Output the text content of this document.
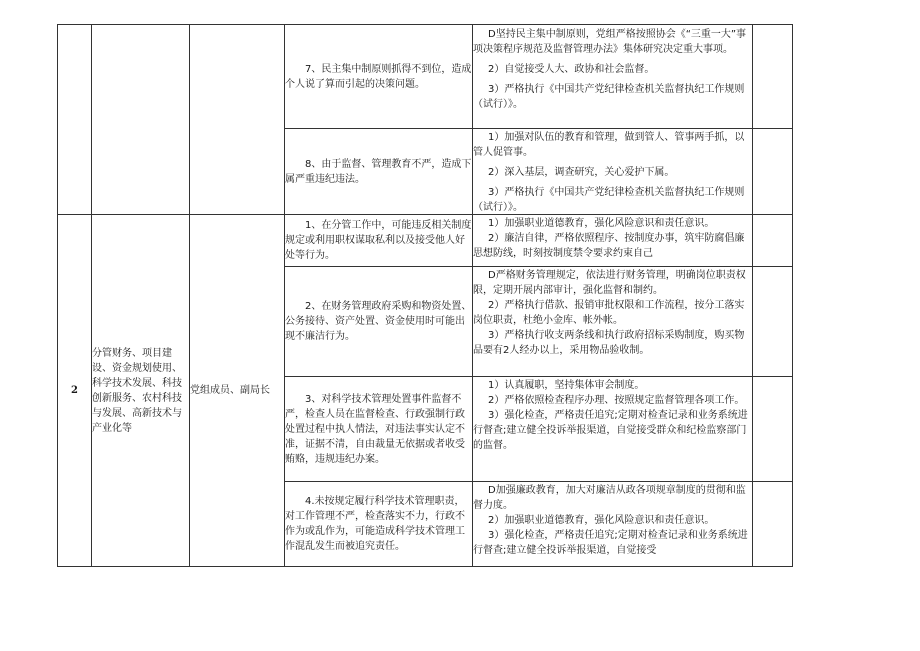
			7、民主集中制原则抓得不到位，造成个人说了算而引起的决策问题。	D坚持民主集中制原则，党组严格按照协会《“三重一大”事项决策程序规范及监督管理办法》集体研究决定重大事项。

2）自觉接受人大、政协和社会监督。

3）严格执行《中国共产党纪律检查机关监督执纪工作规则（试行）》。	

			8、由于监督、管理教育不严，造成下属严重违纪违法。	1）加强对队伍的教育和管理，做到管人、管事两手抓，以管人促管事。

2）深入基层，调查研究，关心爱护下属。

3）严格执行《中国共产党纪律检查机关监督执纪工作规则（试行）》。	

2	分管财务、项目建设、资金规划使用、科学技术发展、科技创新服务、农村科技与发展、高新技术与产业化等	党组成员、副局长	1、在分管工作中，可能违反相关制度规定或利用职权谋取私利以及接受他人好处等行为。	1）加强职业道德教育，强化风险意识和责任意识。

2）廉洁自律，严格依照程序、按制度办事，筑牢防腐倡廉思想防线，时刻按制度禁令要求约束自己	

			2、在财务管理政府采购和物资处置、公务接待、资产处置、资金使用时可能出现不廉洁行为。	D严格财务管理规定，依法进行财务管理，明确岗位职责权限，定期开展内部审计，强化监督和制约。

2）严格执行借款、报销审批权限和工作流程，按分工落实岗位职责，杜绝小金库、帐外帐。

3）严格执行收支两条线和执行政府招标采购制度，购买物品要有2人经办以上，采用物品验收制。	

			3、对科学技术管理处置事件监督不严，检查人员在监督检查、行政强制行政处置过程中执人情法，对违法事实认定不准，证据不清，自由裁量无依据或者收受贿赂，违规违纪办案。	1）认真履职，坚持集体审会制度。

2）严格依照检查程序办理、按照规定监督管理各项工作。

3）强化检查，严格责任追究;定期对检查记录和业务系统进行督查;建立健全投诉举报渠道，自觉接受群众和纪检监察部门的监督。	

			4.未按规定履行科学技术管理职责，对工作管理不严，检查落实不力，行政不作为或乱作为，可能造成科学技术管理工作混乱发生而被追究责任。	D加强廉政教育，加大对廉洁从政各项规章制度的贯彻和监督力度。

2）加强职业道德教育，强化风险意识和责任意识。

3）强化检查，严格责任追究;定期对检查记录和业务系统进行督查;建立健全投诉举报渠道，自觉接受	
